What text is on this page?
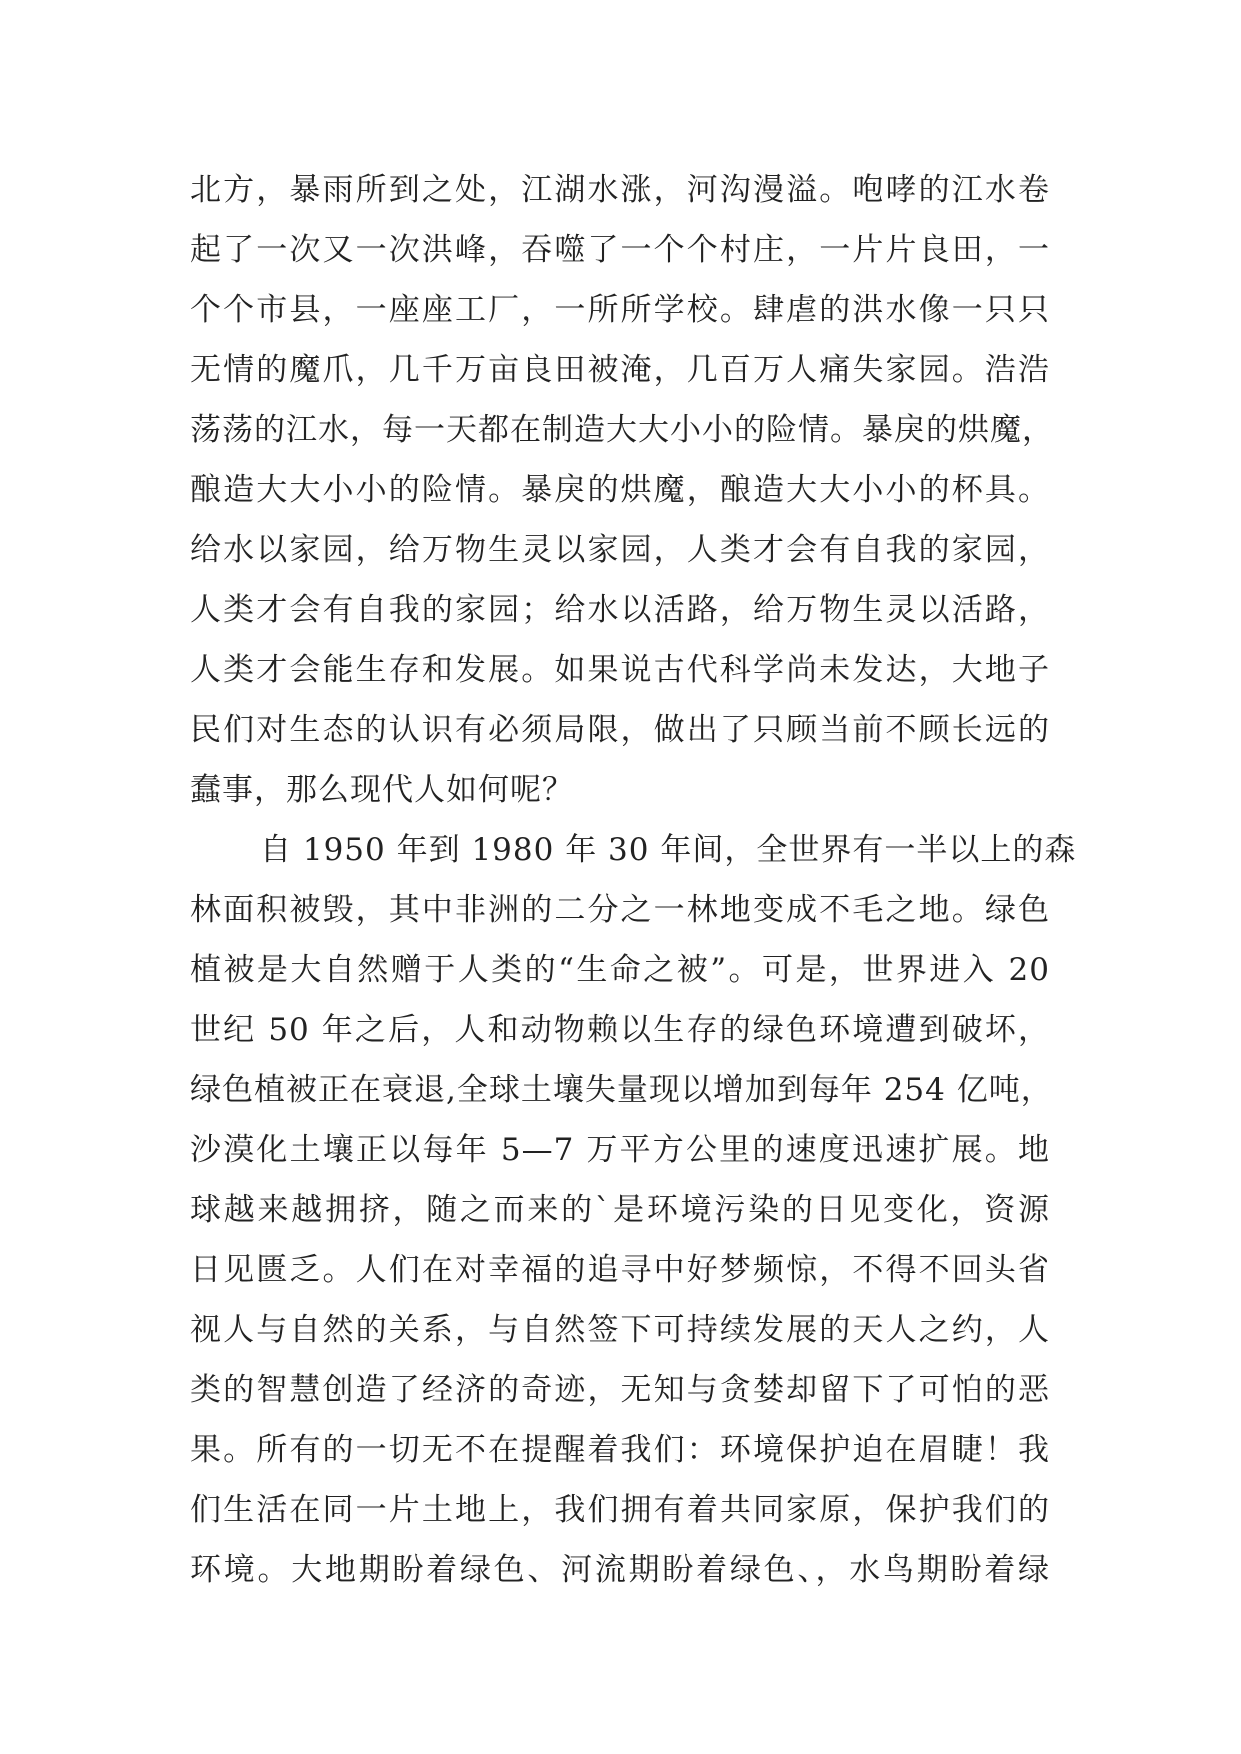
北方，暴雨所到之处，江湖水涨，河沟漫溢。咆哮的江水卷
起了一次又一次洪峰，吞噬了一个个村庄，一片片良田，一
个个市县，一座座工厂，一所所学校。肆虐的洪水像一只只
无情的魔爪，几千万亩良田被淹，几百万人痛失家园。浩浩
荡荡的江水，每一天都在制造大大小小的险情。暴戾的烘魔，
酿造大大小小的险情。暴戾的烘魔，酿造大大小小的杯具。
给水以家园，给万物生灵以家园，人类才会有自我的家园，
人类才会有自我的家园；给水以活路，给万物生灵以活路，
人类才会能生存和发展。如果说古代科学尚未发达，大地子
民们对生态的认识有必须局限，做出了只顾当前不顾长远的
蠢事，那么现代人如何呢？
自 1950 年到 1980 年 30 年间，全世界有一半以上的森
林面积被毁，其中非洲的二分之一林地变成不毛之地。绿色
植被是大自然赠于人类的“生命之被”。可是，世界进入 20
世纪 50 年之后，人和动物赖以生存的绿色环境遭到破坏，
绿色植被正在衰退,全球土壤失量现以增加到每年 254 亿吨，
沙漠化土壤正以每年 5—7 万平方公里的速度迅速扩展。地
球越来越拥挤，随之而来的`是环境污染的日见变化，资源
日见匮乏。人们在对幸福的追寻中好梦频惊，不得不回头省
视人与自然的关系，与自然签下可持续发展的天人之约，人
类的智慧创造了经济的奇迹，无知与贪婪却留下了可怕的恶
果。所有的一切无不在提醒着我们：环境保护迫在眉睫！我
们生活在同一片土地上，我们拥有着共同家原，保护我们的
环境。大地期盼着绿色、河流期盼着绿色、，水鸟期盼着绿
